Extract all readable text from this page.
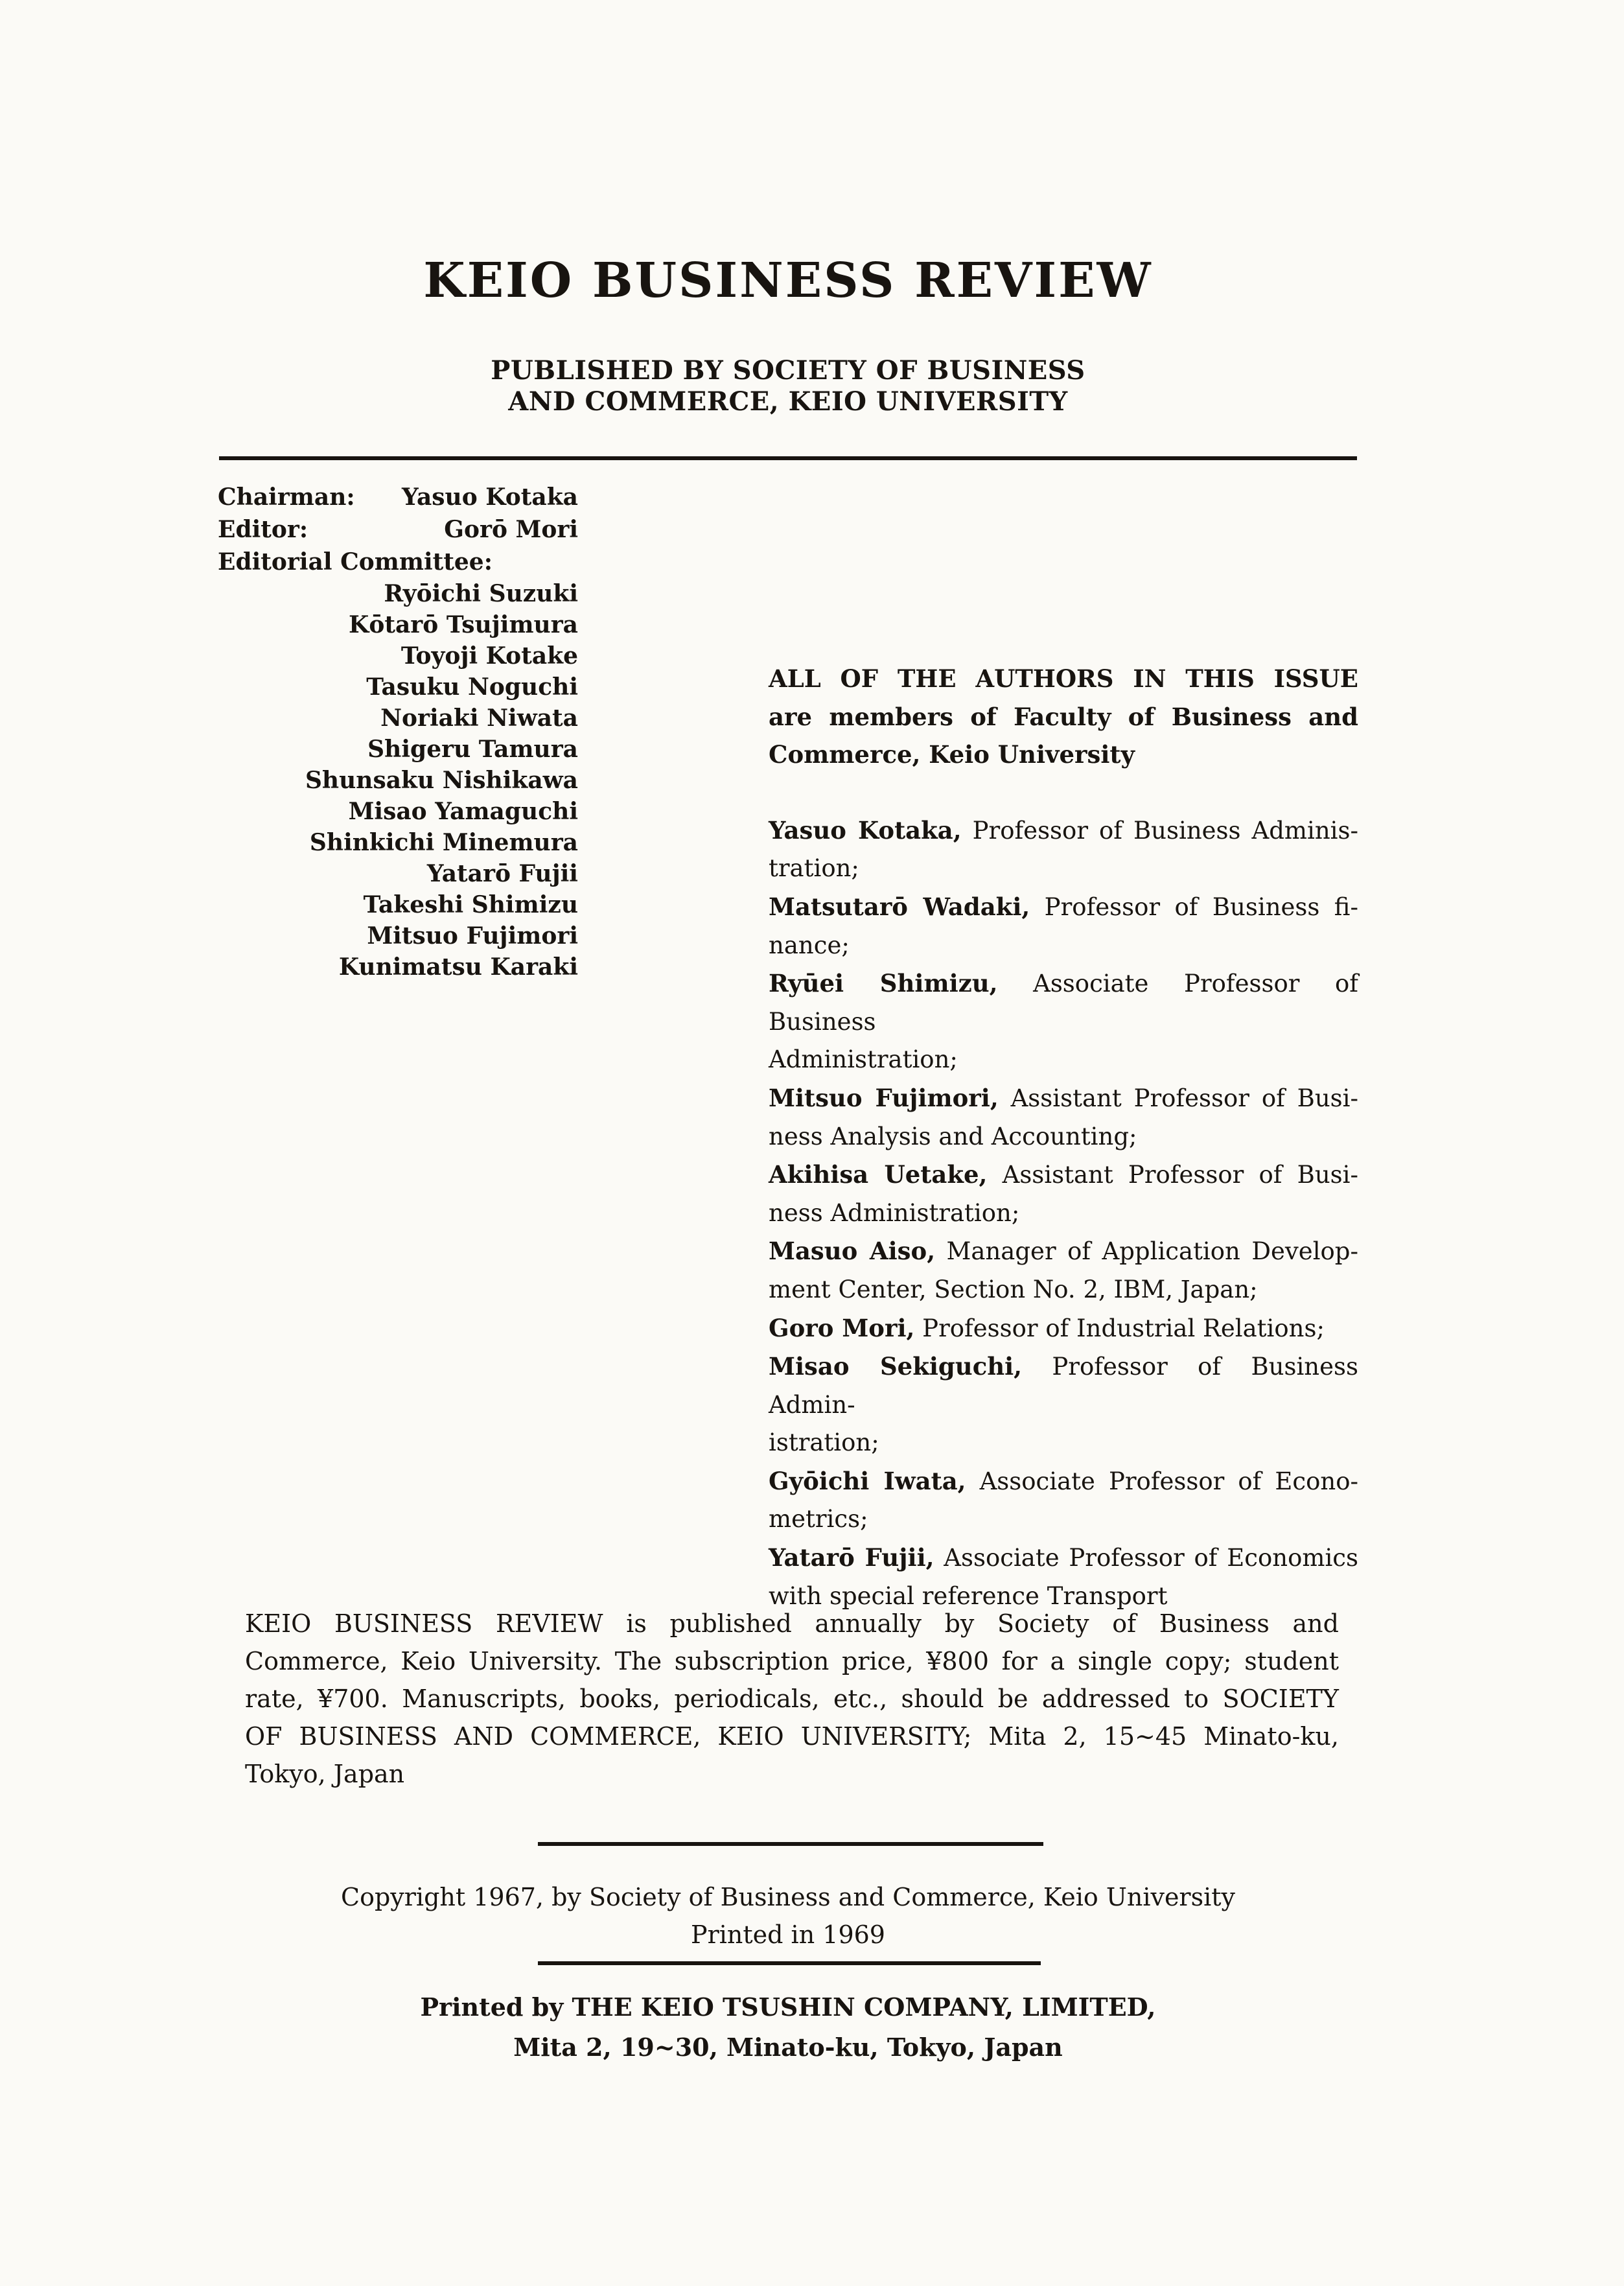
KEIO BUSINESS REVIEW
PUBLISHED BY SOCIETY OF BUSINESS
AND COMMERCE, KEIO UNIVERSITY
Chairman: Yasuo Kotaka
Editor:	Gorō Mori
Editorial Committee:
Ryōichi Suzuki
Kōtarō Tsujimura
Toyoji Kotake
Tasuku Noguchi
Noriaki Niwata
Shigeru Tamura
Shunsaku Nishikawa
Misao Yamaguchi
Shinkichi Minemura
Yatarō Fujii
Takeshi Shimizu
Mitsuo Fujimori
Kunimatsu Karaki
ALL OF THE AUTHORS IN THIS ISSUE
are members of Faculty of Business and
Commerce, Keio University
Yasuo Kotaka, Professor of Business Adminis-
tration;
Matsutarō Wadaki, Professor of Business fi-
nance;
Ryūei Shimizu, Associate Professor of Business
Administration;
Mitsuo Fujimori, Assistant Professor of Busi-
ness Analysis and Accounting;
Akihisa Uetake, Assistant Professor of Busi-
ness Administration;
Masuo Aiso, Manager of Application Develop-
ment Center, Section No. 2, IBM, Japan;
Goro Mori, Professor of Industrial Relations;
Misao Sekiguchi, Professor of Business Admin-
istration;
Gyōichi Iwata, Associate Professor of Econo-
metrics;
Yatarō Fujii, Associate Professor of Economics
with special reference Transport
KEIO BUSINESS REVIEW is published annually by Society of Business and
Commerce, Keio University. The subscription price, ¥800 for a single copy; student
rate, ¥700. Manuscripts, books, periodicals, etc., should be addressed to SOCIETY
OF BUSINESS AND COMMERCE, KEIO UNIVERSITY; Mita 2, 15~45 Minato-ku,
Tokyo, Japan
Copyright 1967, by Society of Business and Commerce, Keio University
Printed in 1969
Printed by THE KEIO TSUSHIN COMPANY, LIMITED,
Mita 2, 19~30, Minato-ku, Tokyo, Japan
